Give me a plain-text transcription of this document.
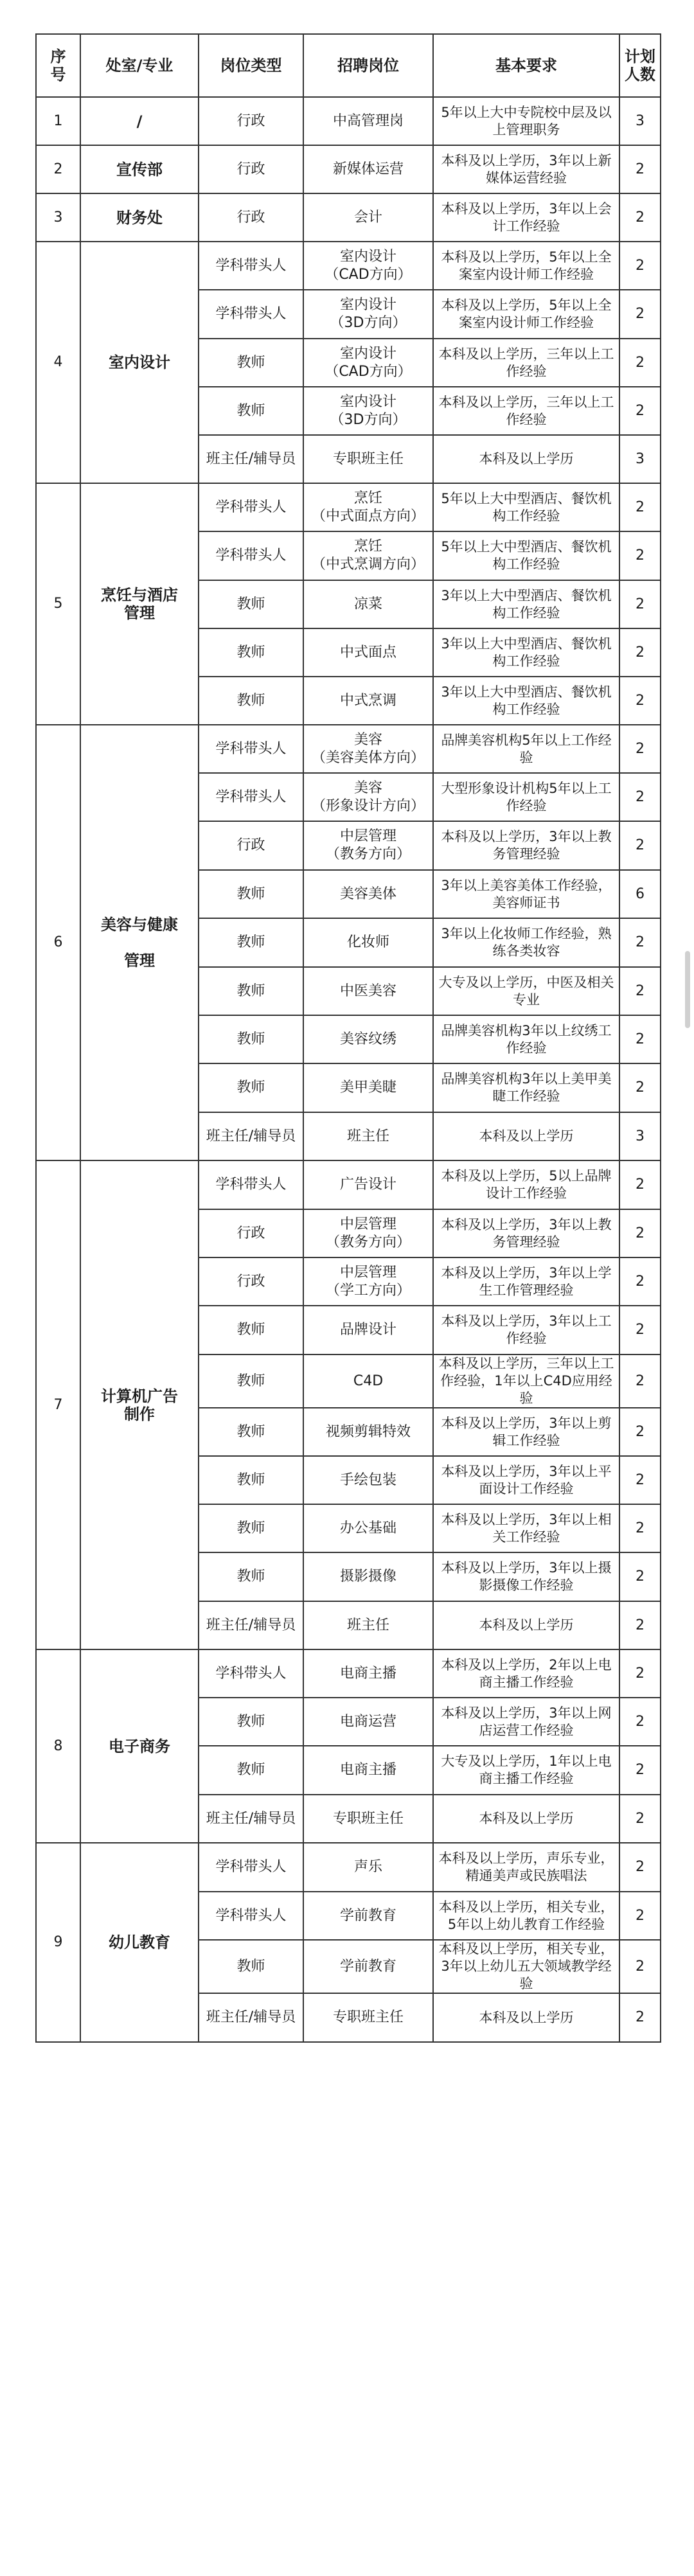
序
号	处室/专业	岗位类型	招聘岗位	基本要求	计划
人数
1	/	行政	中高管理岗	5年以上大中专院校中层及以上管理职务	3
2	宣传部	行政	新媒体运营	本科及以上学历，3年以上新媒体运营经验	2
3	财务处	行政	会计	本科及以上学历，3年以上会计工作经验	2
4	室内设计	学科带头人	室内设计
（CAD方向）	本科及以上学历，5年以上全案室内设计师工作经验	2
		学科带头人	室内设计
（3D方向）	本科及以上学历，5年以上全案室内设计师工作经验	2
		教师	室内设计
（CAD方向）	本科及以上学历，三年以上工作经验	2
		教师	室内设计
（3D方向）	本科及以上学历，三年以上工作经验	2
		班主任/辅导员	专职班主任	本科及以上学历	3
5	烹饪与酒店
管理	学科带头人	烹饪
（中式面点方向）	5年以上大中型酒店、餐饮机构工作经验	2
		学科带头人	烹饪
（中式烹调方向）	5年以上大中型酒店、餐饮机构工作经验	2
		教师	凉菜	3年以上大中型酒店、餐饮机构工作经验	2
		教师	中式面点	3年以上大中型酒店、餐饮机构工作经验	2
		教师	中式烹调	3年以上大中型酒店、餐饮机构工作经验	2
6	美容与健康

管理	学科带头人	美容
（美容美体方向）	品牌美容机构5年以上工作经验	2
		学科带头人	美容
（形象设计方向）	大型形象设计机构5年以上工作经验	2
		行政	中层管理
（教务方向）	本科及以上学历，3年以上教务管理经验	2
		教师	美容美体	3年以上美容美体工作经验，美容师证书	6
		教师	化妆师	3年以上化妆师工作经验，熟练各类妆容	2
		教师	中医美容	大专及以上学历，中医及相关专业	2
		教师	美容纹绣	品牌美容机构3年以上纹绣工作经验	2
		教师	美甲美睫	品牌美容机构3年以上美甲美睫工作经验	2
		班主任/辅导员	班主任	本科及以上学历	3
7	计算机广告
制作	学科带头人	广告设计	本科及以上学历，5以上品牌设计工作经验	2
		行政	中层管理
（教务方向）	本科及以上学历，3年以上教务管理经验	2
		行政	中层管理
（学工方向）	本科及以上学历，3年以上学生工作管理经验	2
		教师	品牌设计	本科及以上学历，3年以上工作经验	2
		教师	C4D	本科及以上学历，三年以上工作经验，1年以上C4D应用经验	2
		教师	视频剪辑特效	本科及以上学历，3年以上剪辑工作经验	2
		教师	手绘包装	本科及以上学历，3年以上平面设计工作经验	2
		教师	办公基础	本科及以上学历，3年以上相关工作经验	2
		教师	摄影摄像	本科及以上学历，3年以上摄影摄像工作经验	2
		班主任/辅导员	班主任	本科及以上学历	2
8	电子商务	学科带头人	电商主播	本科及以上学历，2年以上电商主播工作经验	2
		教师	电商运营	本科及以上学历，3年以上网店运营工作经验	2
		教师	电商主播	大专及以上学历，1年以上电商主播工作经验	2
		班主任/辅导员	专职班主任	本科及以上学历	2
9	幼儿教育	学科带头人	声乐	本科及以上学历，声乐专业，精通美声或民族唱法	2
		学科带头人	学前教育	本科及以上学历，相关专业，5年以上幼儿教育工作经验	2
		教师	学前教育	本科及以上学历，相关专业，3年以上幼儿五大领域教学经验	2
		班主任/辅导员	专职班主任	本科及以上学历	2
